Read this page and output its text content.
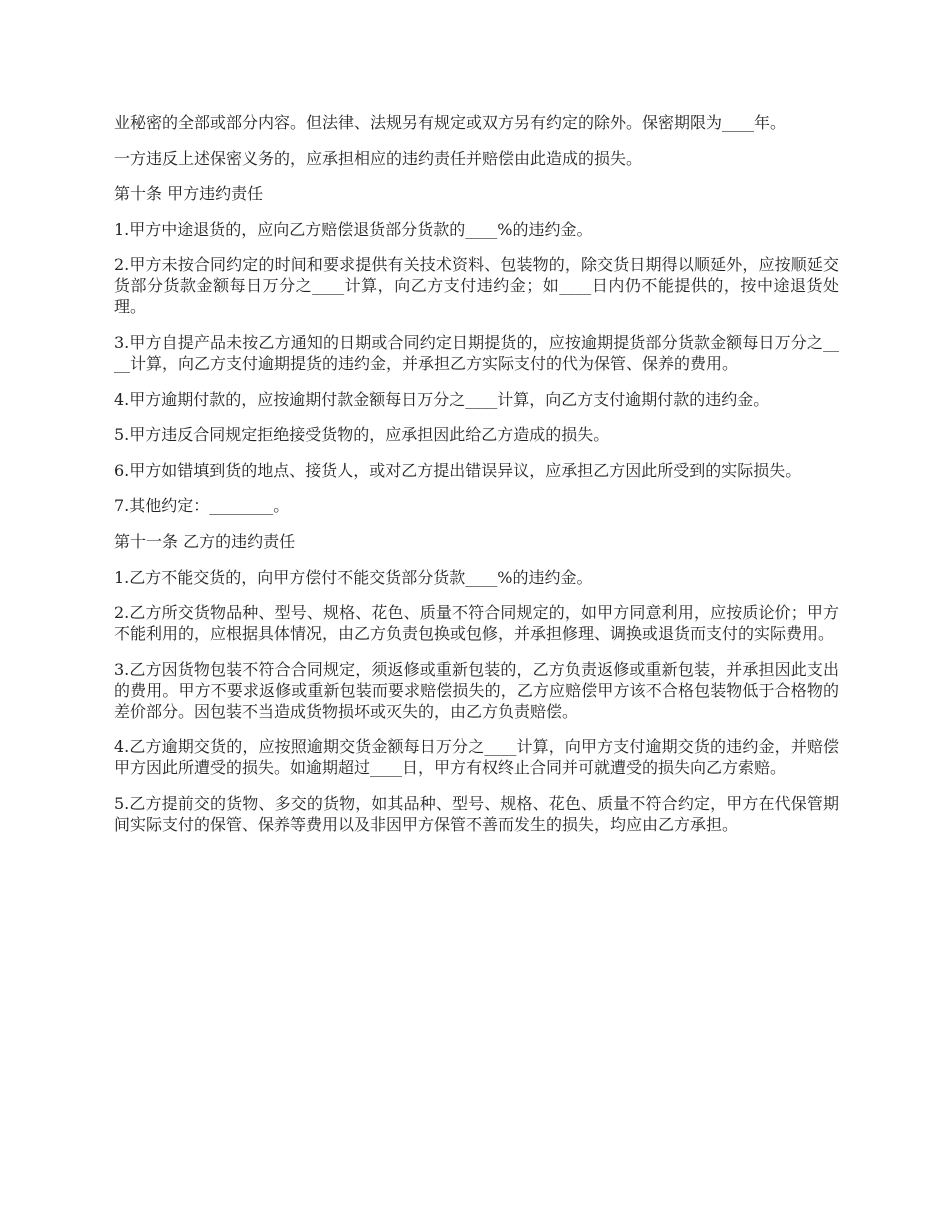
业秘密的全部或部分内容。但法律、法规另有规定或双方另有约定的除外。保密期限为____年。

一方违反上述保密义务的，应承担相应的违约责任并赔偿由此造成的损失。

第十条 甲方违约责任

1.甲方中途退货的，应向乙方赔偿退货部分货款的____%的违约金。

2.甲方未按合同约定的时间和要求提供有关技术资料、包装物的，除交货日期得以顺延外，应按顺延交货部分货款金额每日万分之____计算，向乙方支付违约金；如____日内仍不能提供的，按中途退货处理。

3.甲方自提产品未按乙方通知的日期或合同约定日期提货的，应按逾期提货部分货款金额每日万分之____计算，向乙方支付逾期提货的违约金，并承担乙方实际支付的代为保管、保养的费用。

4.甲方逾期付款的，应按逾期付款金额每日万分之____计算，向乙方支付逾期付款的违约金。

5.甲方违反合同规定拒绝接受货物的，应承担因此给乙方造成的损失。

6.甲方如错填到货的地点、接货人，或对乙方提出错误异议，应承担乙方因此所受到的实际损失。

7.其他约定：________。

第十一条 乙方的违约责任

1.乙方不能交货的，向甲方偿付不能交货部分货款____%的违约金。

2.乙方所交货物品种、型号、规格、花色、质量不符合同规定的，如甲方同意利用，应按质论价；甲方不能利用的，应根据具体情况，由乙方负责包换或包修，并承担修理、调换或退货而支付的实际费用。

3.乙方因货物包装不符合合同规定，须返修或重新包装的，乙方负责返修或重新包装，并承担因此支出的费用。甲方不要求返修或重新包装而要求赔偿损失的，乙方应赔偿甲方该不合格包装物低于合格物的差价部分。因包装不当造成货物损坏或灭失的，由乙方负责赔偿。

4.乙方逾期交货的，应按照逾期交货金额每日万分之____计算，向甲方支付逾期交货的违约金，并赔偿甲方因此所遭受的损失。如逾期超过____日，甲方有权终止合同并可就遭受的损失向乙方索赔。

5.乙方提前交的货物、多交的货物，如其品种、型号、规格、花色、质量不符合约定，甲方在代保管期间实际支付的保管、保养等费用以及非因甲方保管不善而发生的损失，均应由乙方承担。
